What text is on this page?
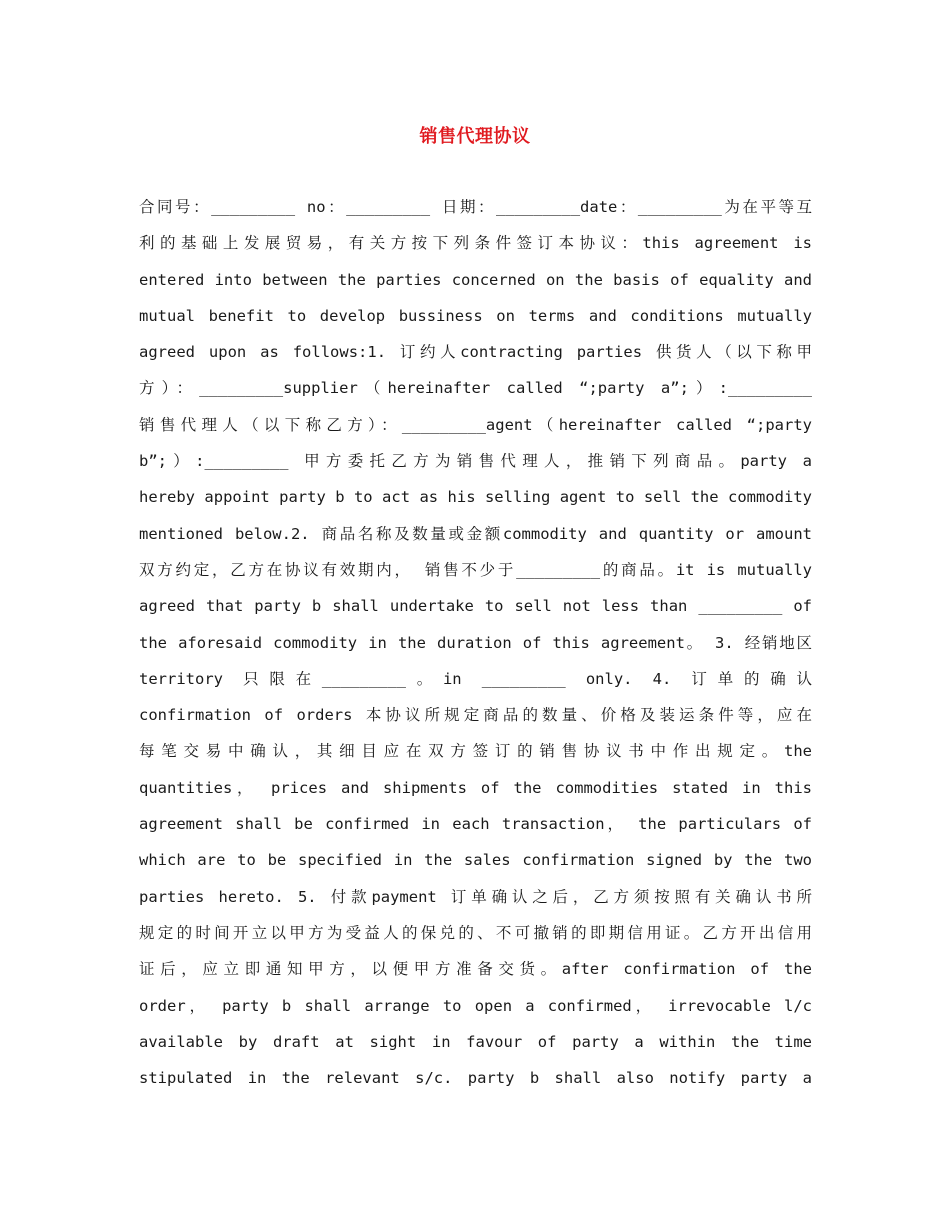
销售代理协议
合同号：_________ no：_________ 日期：_________date：_________为在平等互
利的基础上发展贸易，有关方按下列条件签订本协议：this agreement is
entered into between the parties concerned on the basis of equality and
mutual benefit to develop bussiness on terms and conditions mutually
agreed upon as follows:1. 订约人contracting parties 供货人（以下称甲
方）：_________supplier（hereinafter called “;party a”;）:_________
销售代理人（以下称乙方）：_________agent（hereinafter called “;party
b”;）:_________ 甲方委托乙方为销售代理人，推销下列商品。party a
hereby appoint party b to act as his selling agent to sell the commodity
mentioned below.2. 商品名称及数量或金额commodity and quantity or amount
双方约定，乙方在协议有效期内， 销售不少于_________的商品。it is mutually
agreed that party b shall undertake to sell not less than _________ of
the aforesaid commodity in the duration of this agreement。 3. 经销地区
territory 只限在_________。in _________ only. 4. 订单的确认
confirmation of orders 本协议所规定商品的数量、价格及装运条件等，应在
每笔交易中确认，其细目应在双方签订的销售协议书中作出规定。the
quantities， prices and shipments of the commodities stated in this
agreement shall be confirmed in each transaction， the particulars of
which are to be specified in the sales confirmation signed by the two
parties hereto. 5. 付款payment 订单确认之后，乙方须按照有关确认书所
规定的时间开立以甲方为受益人的保兑的、不可撤销的即期信用证。乙方开出信用
证后，应立即通知甲方，以便甲方准备交货。after confirmation of the
order， party b shall arrange to open a confirmed， irrevocable l/c
available by draft at sight in favour of party a within the time
stipulated in the relevant s/c. party b shall also notify party a
